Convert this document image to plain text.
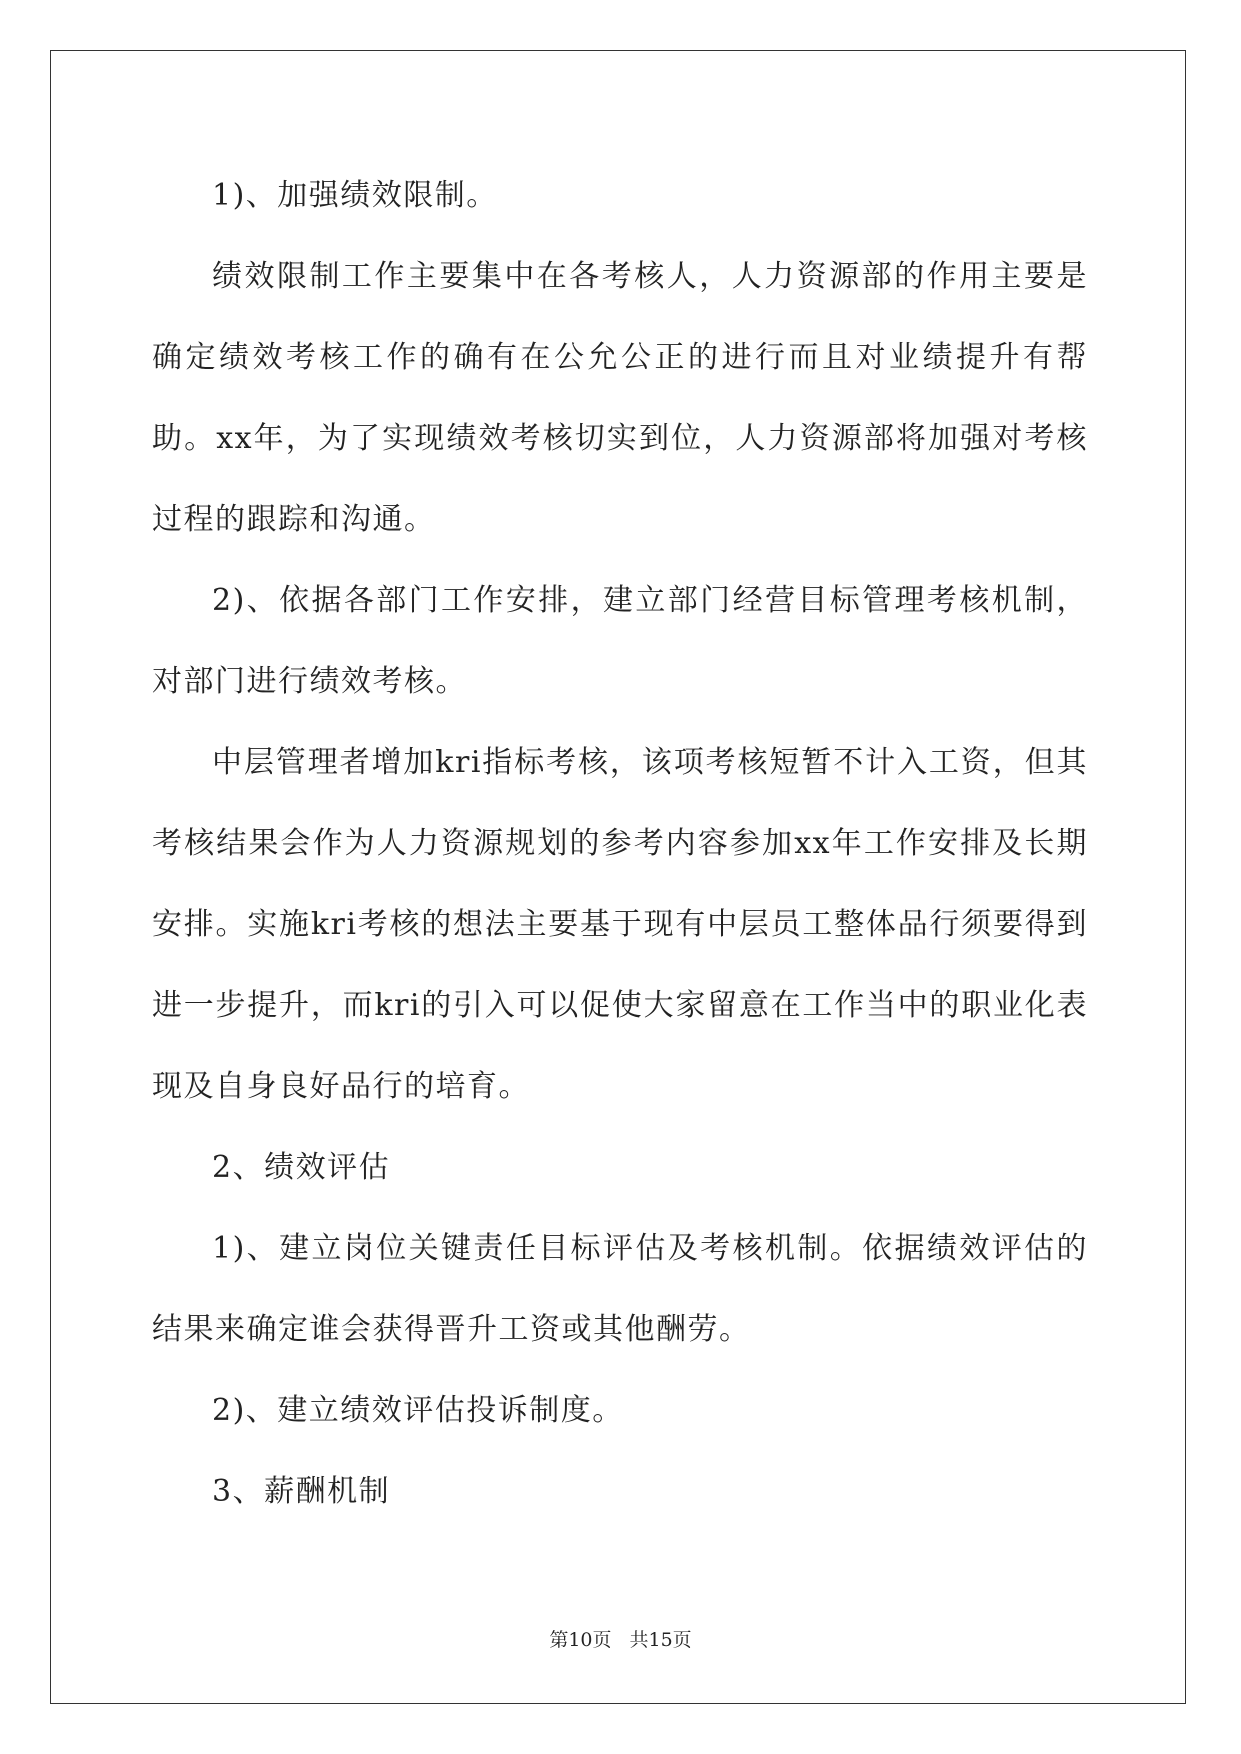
1)、加强绩效限制。

绩效限制工作主要集中在各考核人，人力资源部的作用主要是确定绩效考核工作的确有在公允公正的进行而且对业绩提升有帮助。xx年，为了实现绩效考核切实到位，人力资源部将加强对考核过程的跟踪和沟通。

2)、依据各部门工作安排，建立部门经营目标管理考核机制，对部门进行绩效考核。

中层管理者增加kri指标考核，该项考核短暂不计入工资，但其考核结果会作为人力资源规划的参考内容参加xx年工作安排及长期安排。实施kri考核的想法主要基于现有中层员工整体品行须要得到进一步提升，而kri的引入可以促使大家留意在工作当中的职业化表现及自身良好品行的培育。

2、绩效评估

1)、建立岗位关键责任目标评估及考核机制。依据绩效评估的结果来确定谁会获得晋升工资或其他酬劳。

2)、建立绩效评估投诉制度。

3、薪酬机制

第10页 共15页
